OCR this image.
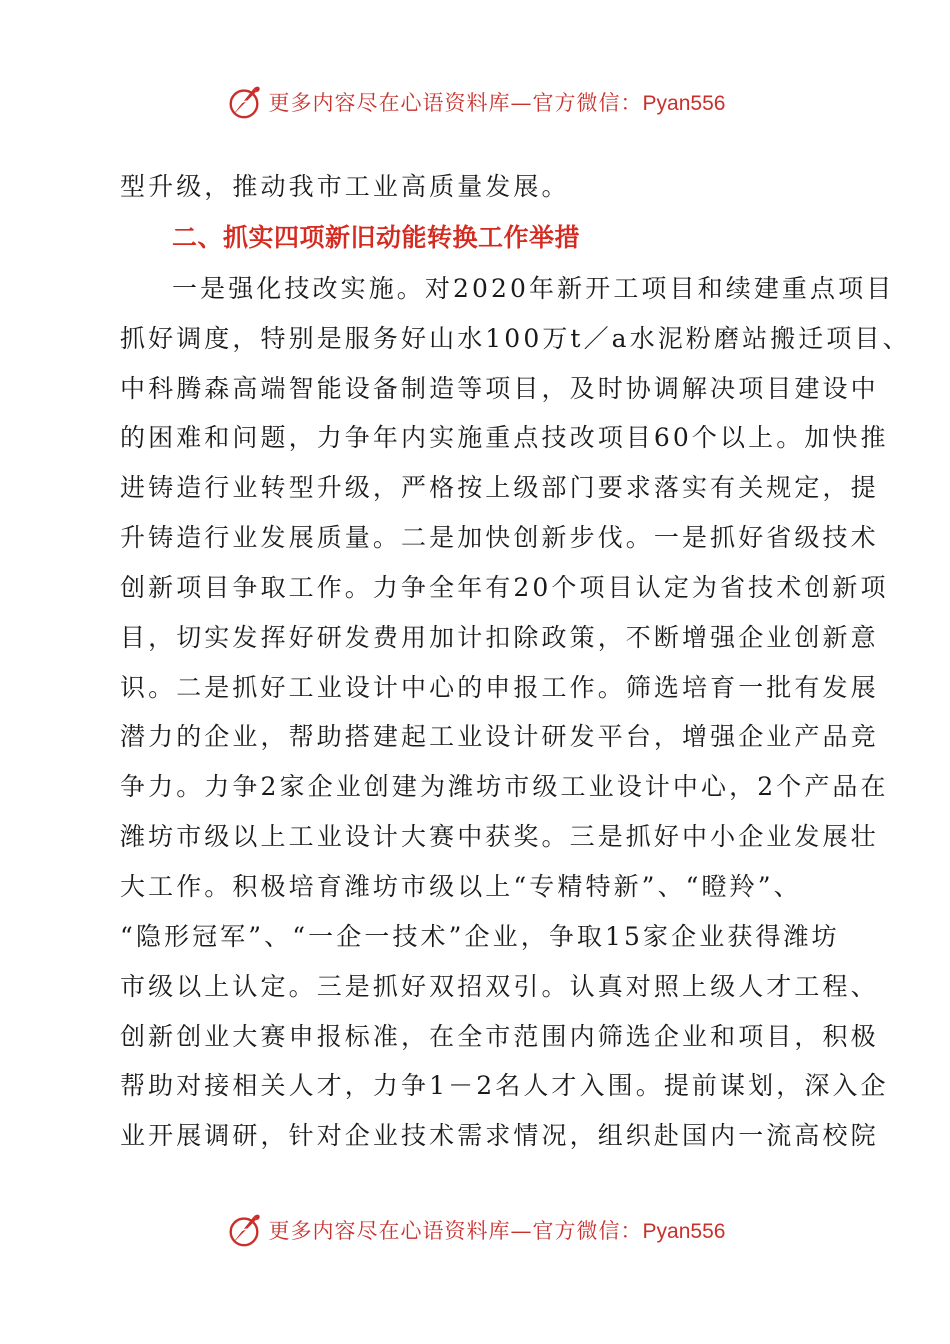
更多内容尽在心语资料库—官方微信：Pyan556
型升级，推动我市工业高质量发展。
二、抓实四项新旧动能转换工作举措
一是强化技改实施。对2020年新开工项目和续建重点项目
抓好调度，特别是服务好山水100万t／a水泥粉磨站搬迁项目、
中科腾森高端智能设备制造等项目，及时协调解决项目建设中
的困难和问题，力争年内实施重点技改项目60个以上。加快推
进铸造行业转型升级，严格按上级部门要求落实有关规定，提
升铸造行业发展质量。二是加快创新步伐。一是抓好省级技术
创新项目争取工作。力争全年有20个项目认定为省技术创新项
目，切实发挥好研发费用加计扣除政策，不断增强企业创新意
识。二是抓好工业设计中心的申报工作。筛选培育一批有发展
潜力的企业，帮助搭建起工业设计研发平台，增强企业产品竞
争力。力争2家企业创建为潍坊市级工业设计中心，2个产品在
潍坊市级以上工业设计大赛中获奖。三是抓好中小企业发展壮
大工作。积极培育潍坊市级以上“专精特新”、“瞪羚”、
“隐形冠军”、“一企一技术”企业，争取15家企业获得潍坊
市级以上认定。三是抓好双招双引。认真对照上级人才工程、
创新创业大赛申报标准，在全市范围内筛选企业和项目，积极
帮助对接相关人才，力争1－2名人才入围。提前谋划，深入企
业开展调研，针对企业技术需求情况，组织赴国内一流高校院
更多内容尽在心语资料库—官方微信：Pyan556
